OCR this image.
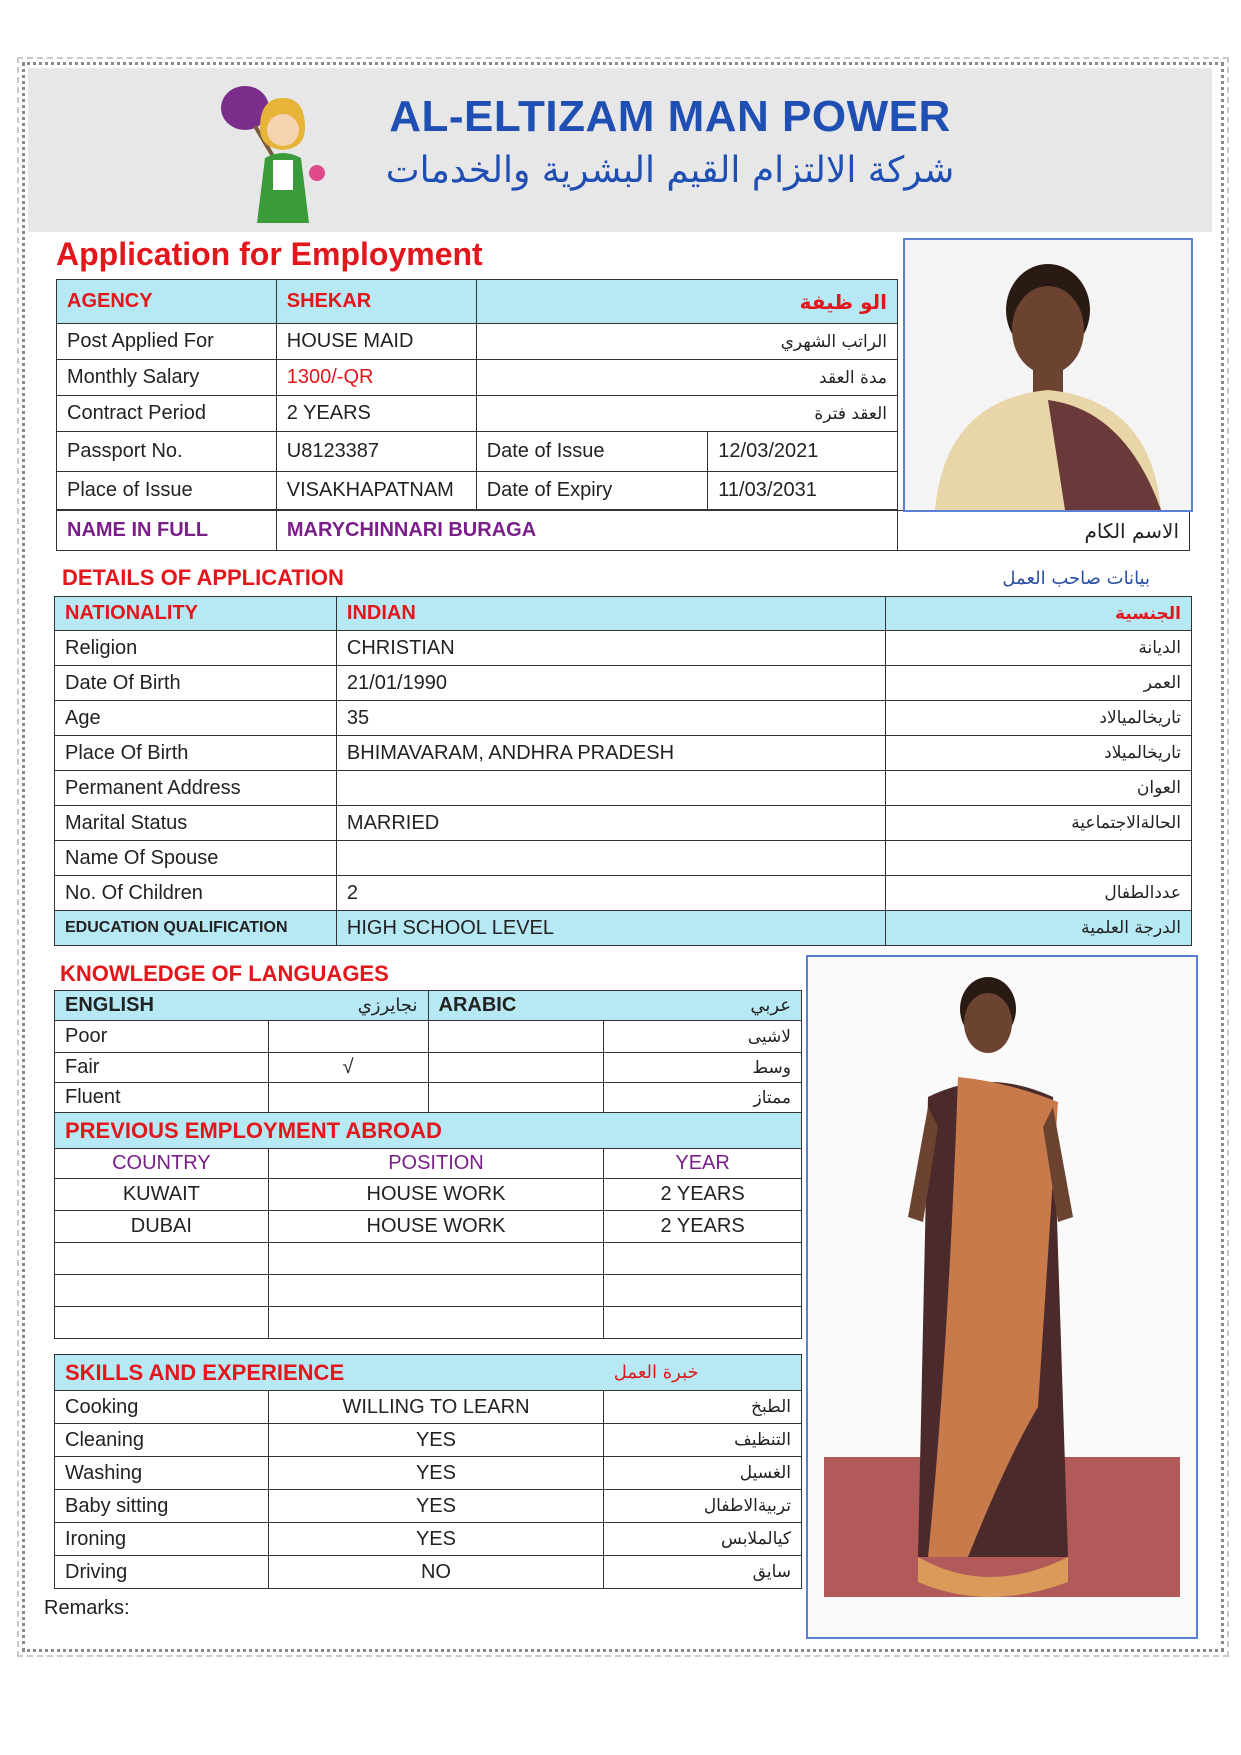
AL-ELTIZAM MAN POWER
شركة الالتزام القيم البشرية والخدمات
Application for Employment
AGENCY	SHEKAR	الو ظيفة	
Post Applied For	HOUSE MAID	الراتب الشهري	
Monthly Salary	1300/-QR	مدة العقد	
Contract Period	2 YEARS	العقد فترة	
Passport No.	U8123387	Date of Issue	12/03/2021
Place of Issue	VISAKHAPATNAM	Date of Expiry	11/03/2031
NAME IN FULL	MARYCHINNARI BURAGA	الاسم الكام
DETAILS OF APPLICATION	بيانات صاحب العمل
NATIONALITY	INDIAN	الجنسية
Religion	CHRISTIAN	الديانة
Date Of Birth	21/01/1990	العمر
Age	35	تاريخالميالاد
Place Of Birth	BHIMAVARAM, ANDHRA PRADESH	تاريخالميلاد
Permanent Address		العوان
Marital Status	MARRIED	الحالةالاجتماعية
Name Of Spouse		
No. Of Children	2	عددالطفال
EDUCATION QUALIFICATION	HIGH SCHOOL LEVEL	الدرجة العلمية
KNOWLEDGE OF LANGUAGES
ENGLISH	نجايرزي	ARABIC	عربي
Poor			لاشيى
Fair	√		وسط
Fluent			ممتاز
PREVIOUS EMPLOYMENT ABROAD		
COUNTRY	POSITION	YEAR
KUWAIT	HOUSE WORK	2 YEARS
DUBAI	HOUSE WORK	2 YEARS

SKILLS AND EXPERIENCE		خبرة العمل
Cooking	WILLING TO LEARN	الطبخ
Cleaning	YES	التنظيف
Washing	YES	الغسيل
Baby sitting	YES	تربيةالاطفال
Ironing	YES	كيالملابس
Driving	NO	سايق
Remarks:
